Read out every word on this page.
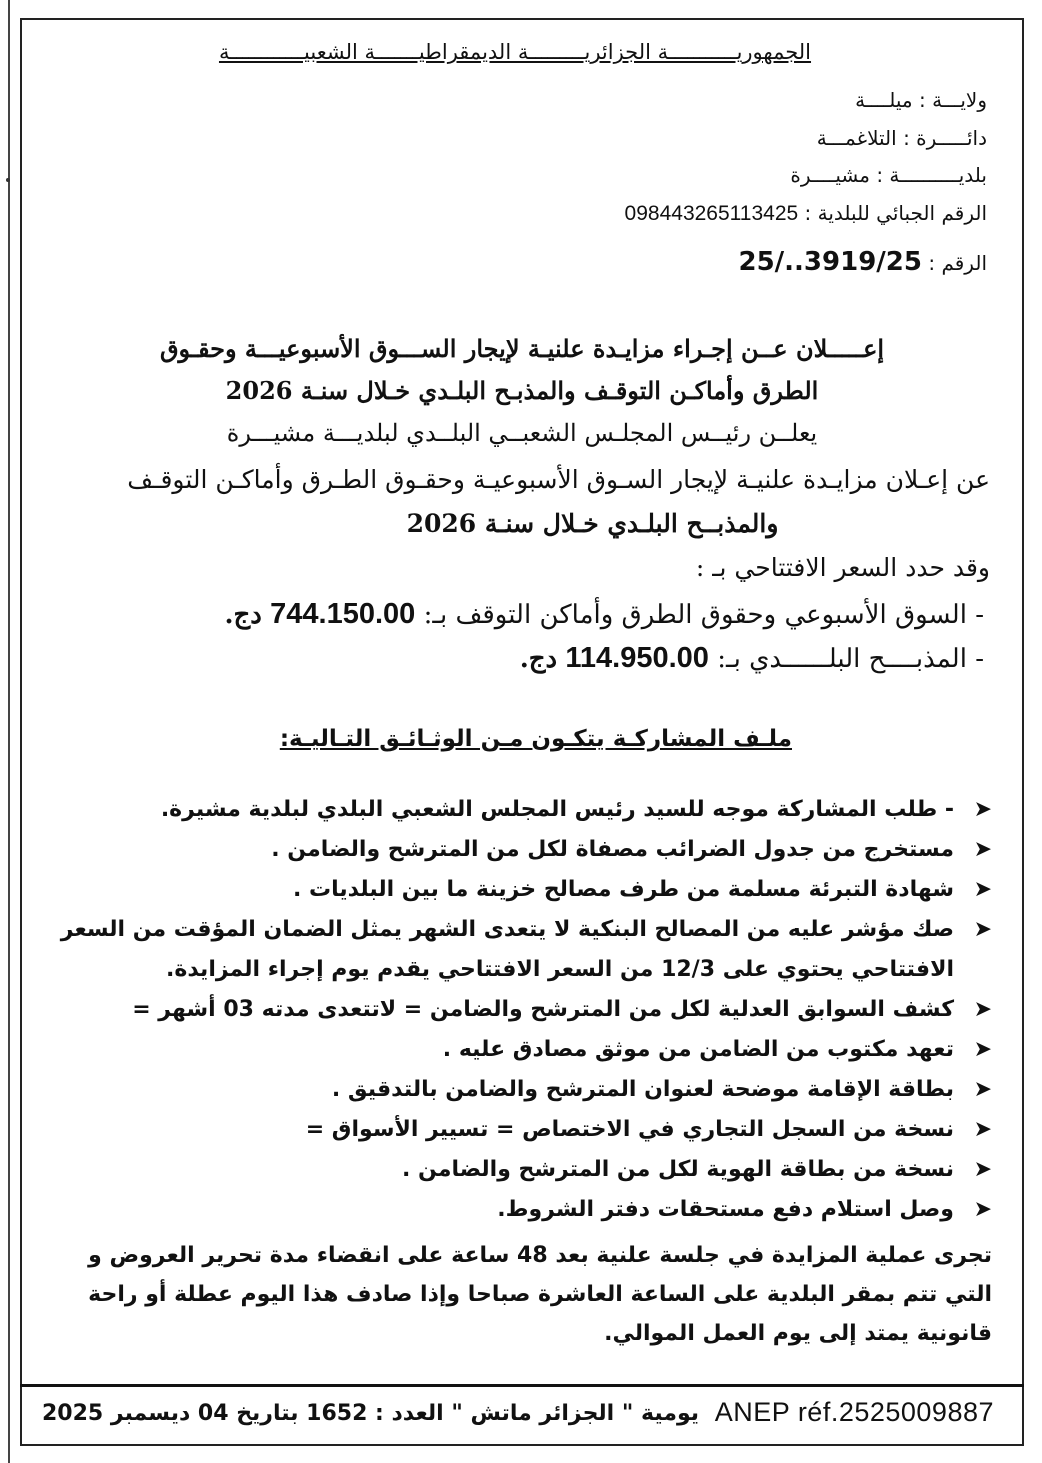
الجمهوريـــــــــــة الجزائريـــــــــة الديمقراطيـــــــة الشعبيــــــــــــة
ولايـــة : ميلــــة
دائـــــرة : التلاغمـــة
بلديــــــــــة : مشيــــرة
الرقم الجبائي للبلدية : 098443265113425
الرقم : 25/..3919/25
إعـــــلان عــن إجـراء مزايـدة علنيـة لإيجار الســـوق الأسبوعيـــة وحقـوق
الطرق وأماكـن التوقـف والمذبـح البلـدي خـلال سنـة 2026
يعلــن رئيــس المجلـس الشعبــي البلــدي لبلديـــة مشيـــرة
عن إعـلان مزايـدة علنيـة لإيجار السـوق الأسبوعيـة وحقـوق الطـرق وأماكـن التوقـف
والمذبــح البلـدي خـلال سنـة 2026
وقد حدد السعر الافتتاحي بـ :
- السوق الأسبوعي وحقوق الطرق وأماكن التوقف بـ: 744.150.00 دج.
- المذبــــح البلــــــدي بـ: 114.950.00 دج.
ملـف المشاركـة يتكـون مـن الوثـائـق التـاليـة:
➤
- طلب المشاركة موجه للسيد رئيس المجلس الشعبي البلدي لبلدية مشيرة.
➤
مستخرج من جدول الضرائب مصفاة لكل من المترشح والضامن .
➤
شهادة التبرئة مسلمة من طرف مصالح خزينة ما بين البلديات .
➤
صك مؤشر عليه من المصالح البنكية لا يتعدى الشهر يمثل الضمان المؤقت من السعر الافتتاحي يحتوي على 12/3 من السعر الافتتاحي يقدم يوم إجراء المزايدة.
➤
كشف السوابق العدلية لكل من المترشح والضامن = لاتتعدى مدته 03 أشهر =
➤
تعهد مكتوب من الضامن من موثق مصادق عليه .
➤
بطاقة الإقامة موضحة لعنوان المترشح والضامن بالتدقيق .
➤
نسخة من السجل التجاري في الاختصاص = تسيير الأسواق =
➤
نسخة من بطاقة الهوية لكل من المترشح والضامن .
➤
وصل استلام دفع مستحقات دفتر الشروط.
تجرى عملية المزايدة في جلسة علنية بعد 48 ساعة على انقضاء مدة تحرير العروض و التي تتم بمقر البلدية على الساعة العاشرة صباحا وإذا صادف هذا اليوم عطلة أو راحة قانونية يمتد إلى يوم العمل الموالي.
يومية " الجزائر ماتش " العدد : 1652 بتاريخ 04 ديسمبر 2025 ANEP réf.2525009887
